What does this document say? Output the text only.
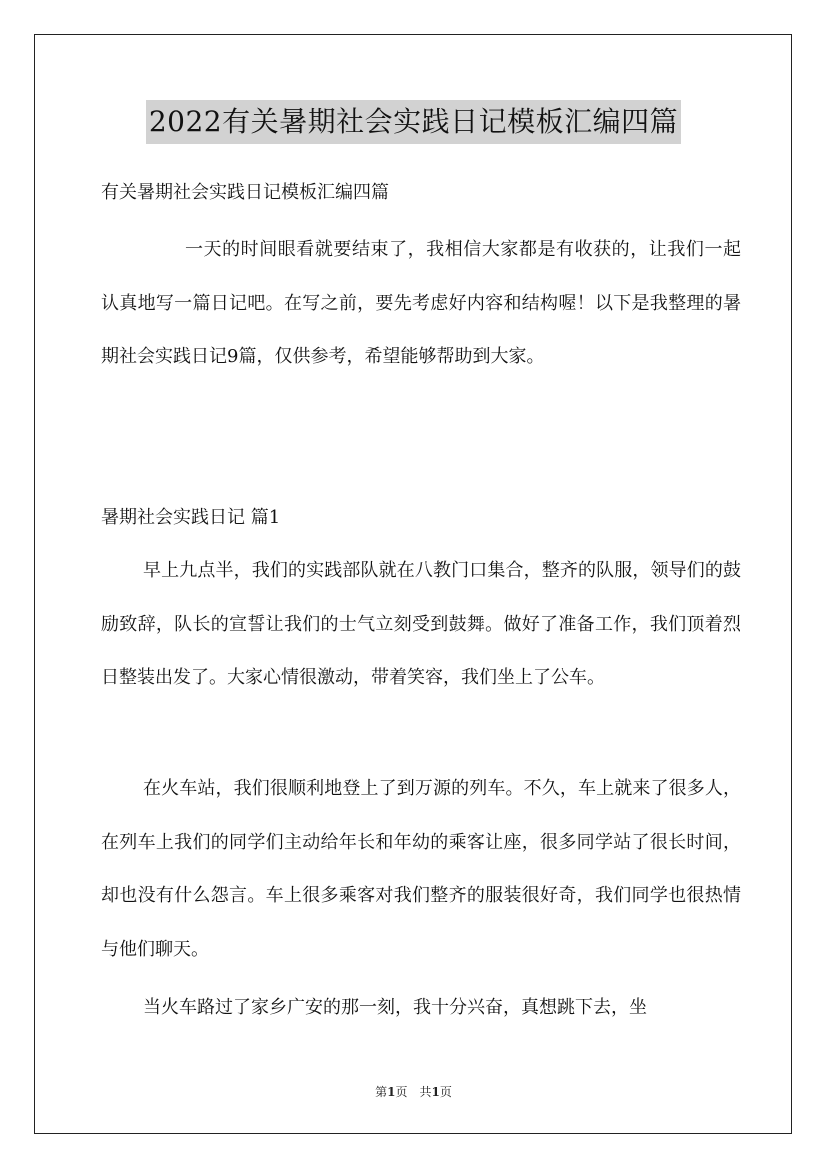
2022有关暑期社会实践日记模板汇编四篇
有关暑期社会实践日记模板汇编四篇

一天的时间眼看就要结束了，我相信大家都是有收获的，让我们一起认真地写一篇日记吧。在写之前，要先考虑好内容和结构喔！以下是我整理的暑期社会实践日记9篇，仅供参考，希望能够帮助到大家。

暑期社会实践日记 篇1

早上九点半，我们的实践部队就在八教门口集合，整齐的队服，领导们的鼓励致辞，队长的宣誓让我们的士气立刻受到鼓舞。做好了准备工作，我们顶着烈日整装出发了。大家心情很激动，带着笑容，我们坐上了公车。

在火车站，我们很顺利地登上了到万源的列车。不久，车上就来了很多人，在列车上我们的同学们主动给年长和年幼的乘客让座，很多同学站了很长时间，却也没有什么怨言。车上很多乘客对我们整齐的服装很好奇，我们同学也很热情与他们聊天。

当火车路过了家乡广安的那一刻，我十分兴奋，真想跳下去，坐

第1页　共1页
